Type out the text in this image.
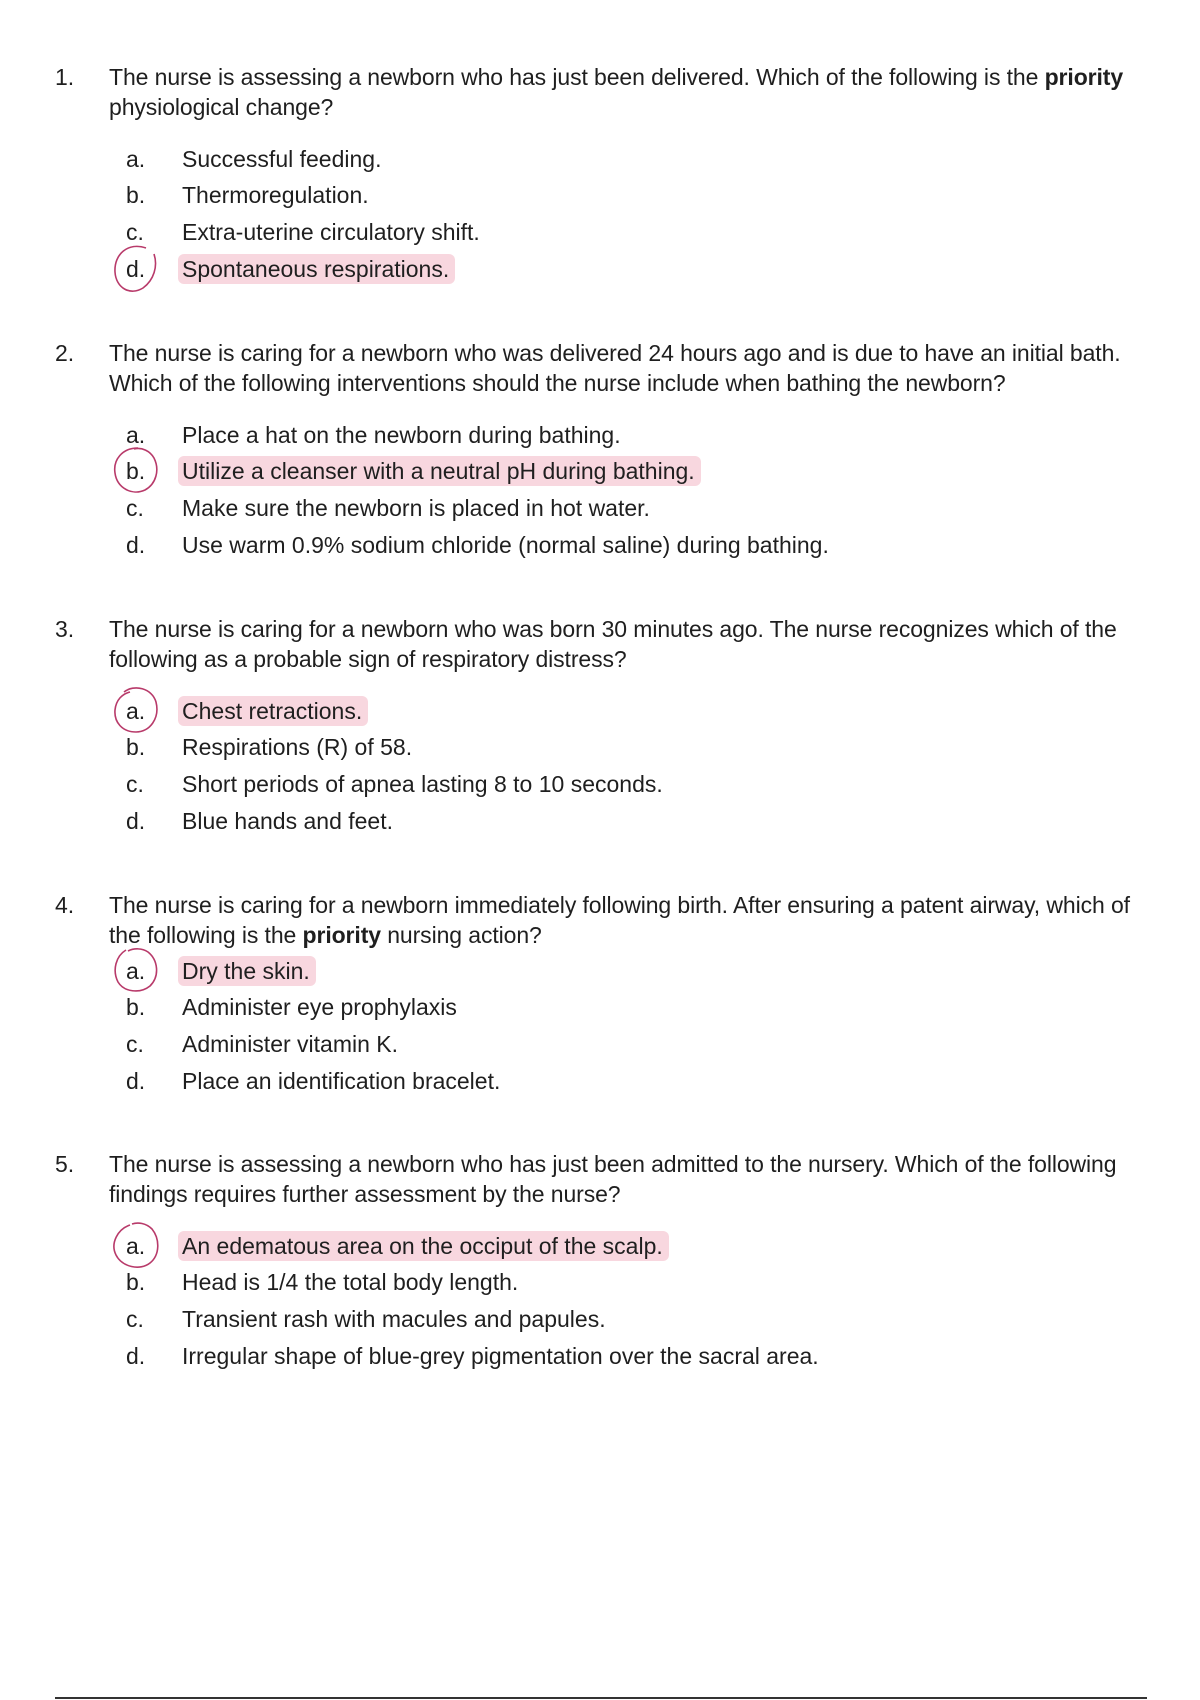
1. The nurse is assessing a newborn who has just been delivered. Which of the following is the priority physiological change?
a. Successful feeding.
b. Thermoregulation.
c. Extra-uterine circulatory shift.
d. Spontaneous respirations.
2. The nurse is caring for a newborn who was delivered 24 hours ago and is due to have an initial bath. Which of the following interventions should the nurse include when bathing the newborn?
a. Place a hat on the newborn during bathing.
b. Utilize a cleanser with a neutral pH during bathing.
c. Make sure the newborn is placed in hot water.
d. Use warm 0.9% sodium chloride (normal saline) during bathing.
3. The nurse is caring for a newborn who was born 30 minutes ago. The nurse recognizes which of the following as a probable sign of respiratory distress?
a. Chest retractions.
b. Respirations (R) of 58.
c. Short periods of apnea lasting 8 to 10 seconds.
d. Blue hands and feet.
4. The nurse is caring for a newborn immediately following birth. After ensuring a patent airway, which of the following is the priority nursing action?
a. Dry the skin.
b. Administer eye prophylaxis
c. Administer vitamin K.
d. Place an identification bracelet.
5. The nurse is assessing a newborn who has just been admitted to the nursery. Which of the following findings requires further assessment by the nurse?
a. An edematous area on the occiput of the scalp.
b. Head is 1/4 the total body length.
c. Transient rash with macules and papules.
d. Irregular shape of blue-grey pigmentation over the sacral area.
